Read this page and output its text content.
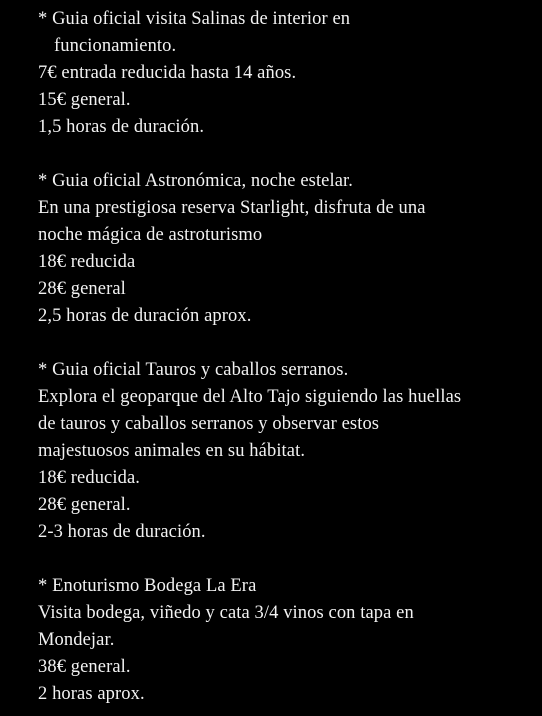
* Guia oficial visita Salinas de interior en
funcionamiento.
7€ entrada reducida hasta 14 años.
15€ general.
1,5 horas de duración.
* Guia oficial Astronómica, noche estelar.
En una prestigiosa reserva Starlight, disfruta de una
noche mágica de astroturismo
18€ reducida
28€ general
2,5 horas de duración aprox.
* Guia oficial Tauros y caballos serranos.
Explora el geoparque del Alto Tajo siguiendo las huellas
de tauros y caballos serranos y observar estos
majestuosos animales en su hábitat.
18€ reducida.
28€ general.
2-3 horas de duración.
* Enoturismo Bodega La Era
Visita bodega, viñedo y cata 3/4 vinos con tapa en
Mondejar.
38€ general.
2 horas aprox.
